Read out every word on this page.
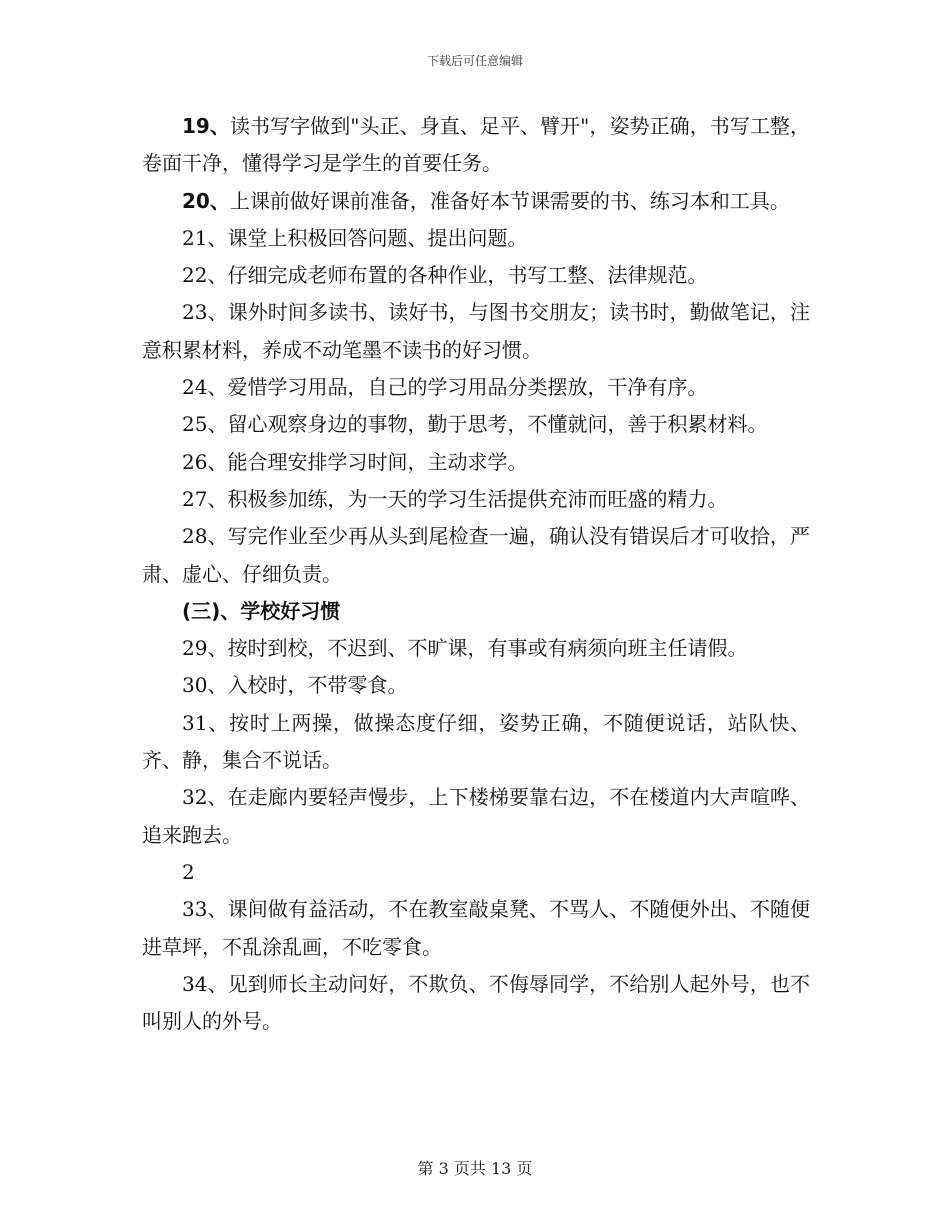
下载后可任意编辑

19、读书写字做到"头正、身直、足平、臂开"，姿势正确，书写工整，卷面干净，懂得学习是学生的首要任务。

20、上课前做好课前准备，准备好本节课需要的书、练习本和工具。

21、课堂上积极回答问题、提出问题。

22、仔细完成老师布置的各种作业，书写工整、法律规范。

23、课外时间多读书、读好书，与图书交朋友；读书时，勤做笔记，注意积累材料，养成不动笔墨不读书的好习惯。

24、爱惜学习用品，自己的学习用品分类摆放，干净有序。

25、留心观察身边的事物，勤于思考，不懂就问，善于积累材料。

26、能合理安排学习时间，主动求学。

27、积极参加练，为一天的学习生活提供充沛而旺盛的精力。

28、写完作业至少再从头到尾检查一遍，确认没有错误后才可收拾，严肃、虚心、仔细负责。

(三)、学校好习惯

29、按时到校，不迟到、不旷课，有事或有病须向班主任请假。

30、入校时，不带零食。

31、按时上两操，做操态度仔细，姿势正确，不随便说话，站队快、齐、静，集合不说话。

32、在走廊内要轻声慢步，上下楼梯要靠右边，不在楼道内大声喧哗、追来跑去。

2

33、课间做有益活动，不在教室敲桌凳、不骂人、不随便外出、不随便进草坪，不乱涂乱画，不吃零食。

34、见到师长主动问好，不欺负、不侮辱同学，不给别人起外号，也不叫别人的外号。

第 3 页共 13 页
